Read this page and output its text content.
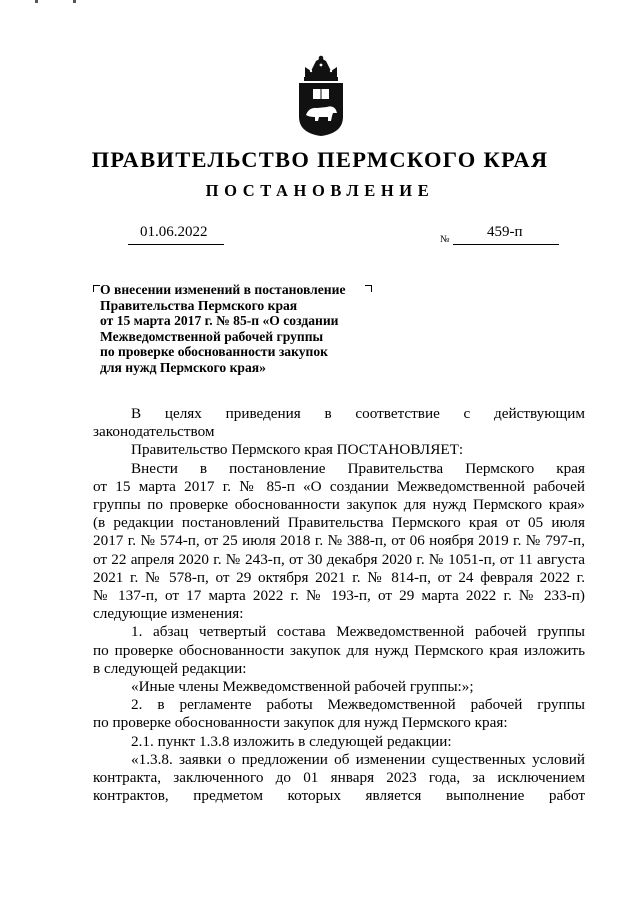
ПРАВИТЕЛЬСТВО ПЕРМСКОГО КРАЯ
ПОСТАНОВЛЕНИЕ
01.06.2022	№ 459-п
О внесении изменений в постановление
Правительства Пермского края
от 15 марта 2017 г. № 85-п «О создании
Межведомственной рабочей группы
по проверке обоснованности закупок
для нужд Пермского края»
В целях приведения в соответствие с действующим
законодательством
Правительство Пермского края ПОСТАНОВЛЯЕТ:
Внести в постановление Правительства Пермского края
от 15 марта 2017 г. № 85-п «О создании Межведомственной рабочей
группы по проверке обоснованности закупок для нужд Пермского края»
(в редакции постановлений Правительства Пермского края от 05 июля
2017 г. № 574-п, от 25 июля 2018 г. № 388-п, от 06 ноября 2019 г. № 797-п,
от 22 апреля 2020 г. № 243-п, от 30 декабря 2020 г. № 1051-п, от 11 августа
2021 г. № 578-п, от 29 октября 2021 г. № 814-п, от 24 февраля 2022 г.
№ 137-п, от 17 марта 2022 г. № 193-п, от 29 марта 2022 г. № 233-п)
следующие изменения:
1. абзац четвертый состава Межведомственной рабочей группы
по проверке обоснованности закупок для нужд Пермского края изложить
в следующей редакции:
«Иные члены Межведомственной рабочей группы:»;
2. в регламенте работы Межведомственной рабочей группы
по проверке обоснованности закупок для нужд Пермского края:
2.1. пункт 1.3.8 изложить в следующей редакции:
«1.3.8. заявки о предложении об изменении существенных условий
контракта, заключенного до 01 января 2023 года, за исключением
контрактов, предметом которых является выполнение работ
